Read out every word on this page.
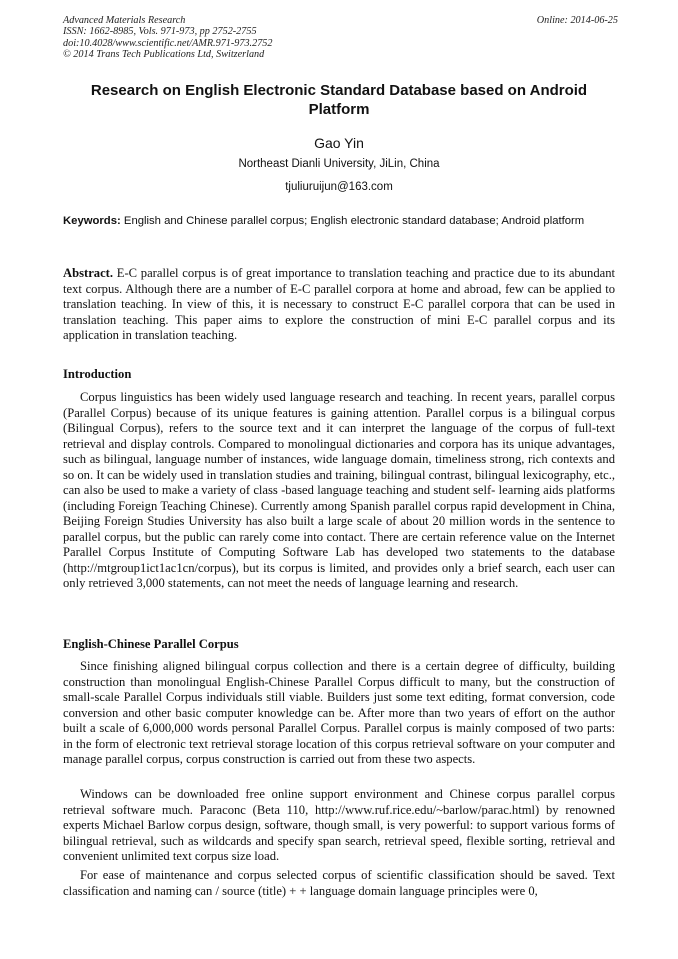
Advanced Materials Research
ISSN: 1662-8985, Vols. 971-973, pp 2752-2755
doi:10.4028/www.scientific.net/AMR.971-973.2752
© 2014 Trans Tech Publications Ltd, Switzerland
Online: 2014-06-25
Research on English Electronic Standard Database based on Android Platform
Gao Yin
Northeast Dianli University, JiLin, China
tjuliuruijun@163.com
Keywords: English and Chinese parallel corpus; English electronic standard database; Android platform
Abstract. E-C parallel corpus is of great importance to translation teaching and practice due to its abundant text corpus. Although there are a number of E-C parallel corpora at home and abroad, few can be applied to translation teaching. In view of this, it is necessary to construct E-C parallel corpora that can be used in translation teaching. This paper aims to explore the construction of mini E-C parallel corpus and its application in translation teaching.
Introduction

Corpus linguistics has been widely used language research and teaching. In recent years, parallel corpus (Parallel Corpus) because of its unique features is gaining attention. Parallel corpus is a bilingual corpus (Bilingual Corpus), refers to the source text and it can interpret the language of the corpus of full-text retrieval and display controls. Compared to monolingual dictionaries and corpora has its unique advantages, such as bilingual, language number of instances, wide language domain, timeliness strong, rich contexts and so on. It can be widely used in translation studies and training, bilingual contrast, bilingual lexicography, etc., can also be used to make a variety of class -based language teaching and student self- learning aids platforms (including Foreign Teaching Chinese). Currently among Spanish parallel corpus rapid development in China, Beijing Foreign Studies University has also built a large scale of about 20 million words in the sentence to parallel corpus, but the public can rarely come into contact. There are certain reference value on the Internet Parallel Corpus Institute of Computing Software Lab has developed two statements to the database (http://mtgroup1ict1ac1cn/corpus), but its corpus is limited, and provides only a brief search, each user can only retrieved 3,000 statements, can not meet the needs of language learning and research.

English-Chinese Parallel Corpus

Since finishing aligned bilingual corpus collection and there is a certain degree of difficulty, building construction than monolingual English-Chinese Parallel Corpus difficult to many, but the construction of small-scale Parallel Corpus individuals still viable. Builders just some text editing, format conversion, code conversion and other basic computer knowledge can be. After more than two years of effort on the author built a scale of 6,000,000 words personal Parallel Corpus. Parallel corpus is mainly composed of two parts: in the form of electronic text retrieval storage location of this corpus retrieval software on your computer and manage parallel corpus, corpus construction is carried out from these two aspects.

Windows can be downloaded free online support environment and Chinese corpus parallel corpus retrieval software much. Paraconc (Beta 110, http://www.ruf.rice.edu/~barlow/parac.html) by renowned experts Michael Barlow corpus design, software, though small, is very powerful: to support various forms of bilingual retrieval, such as wildcards and specify span search, retrieval speed, flexible sorting, retrieval and convenient unlimited text corpus size load.

For ease of maintenance and corpus selected corpus of scientific classification should be saved. Text classification and naming can / source (title) + + language domain language principles were 0,
